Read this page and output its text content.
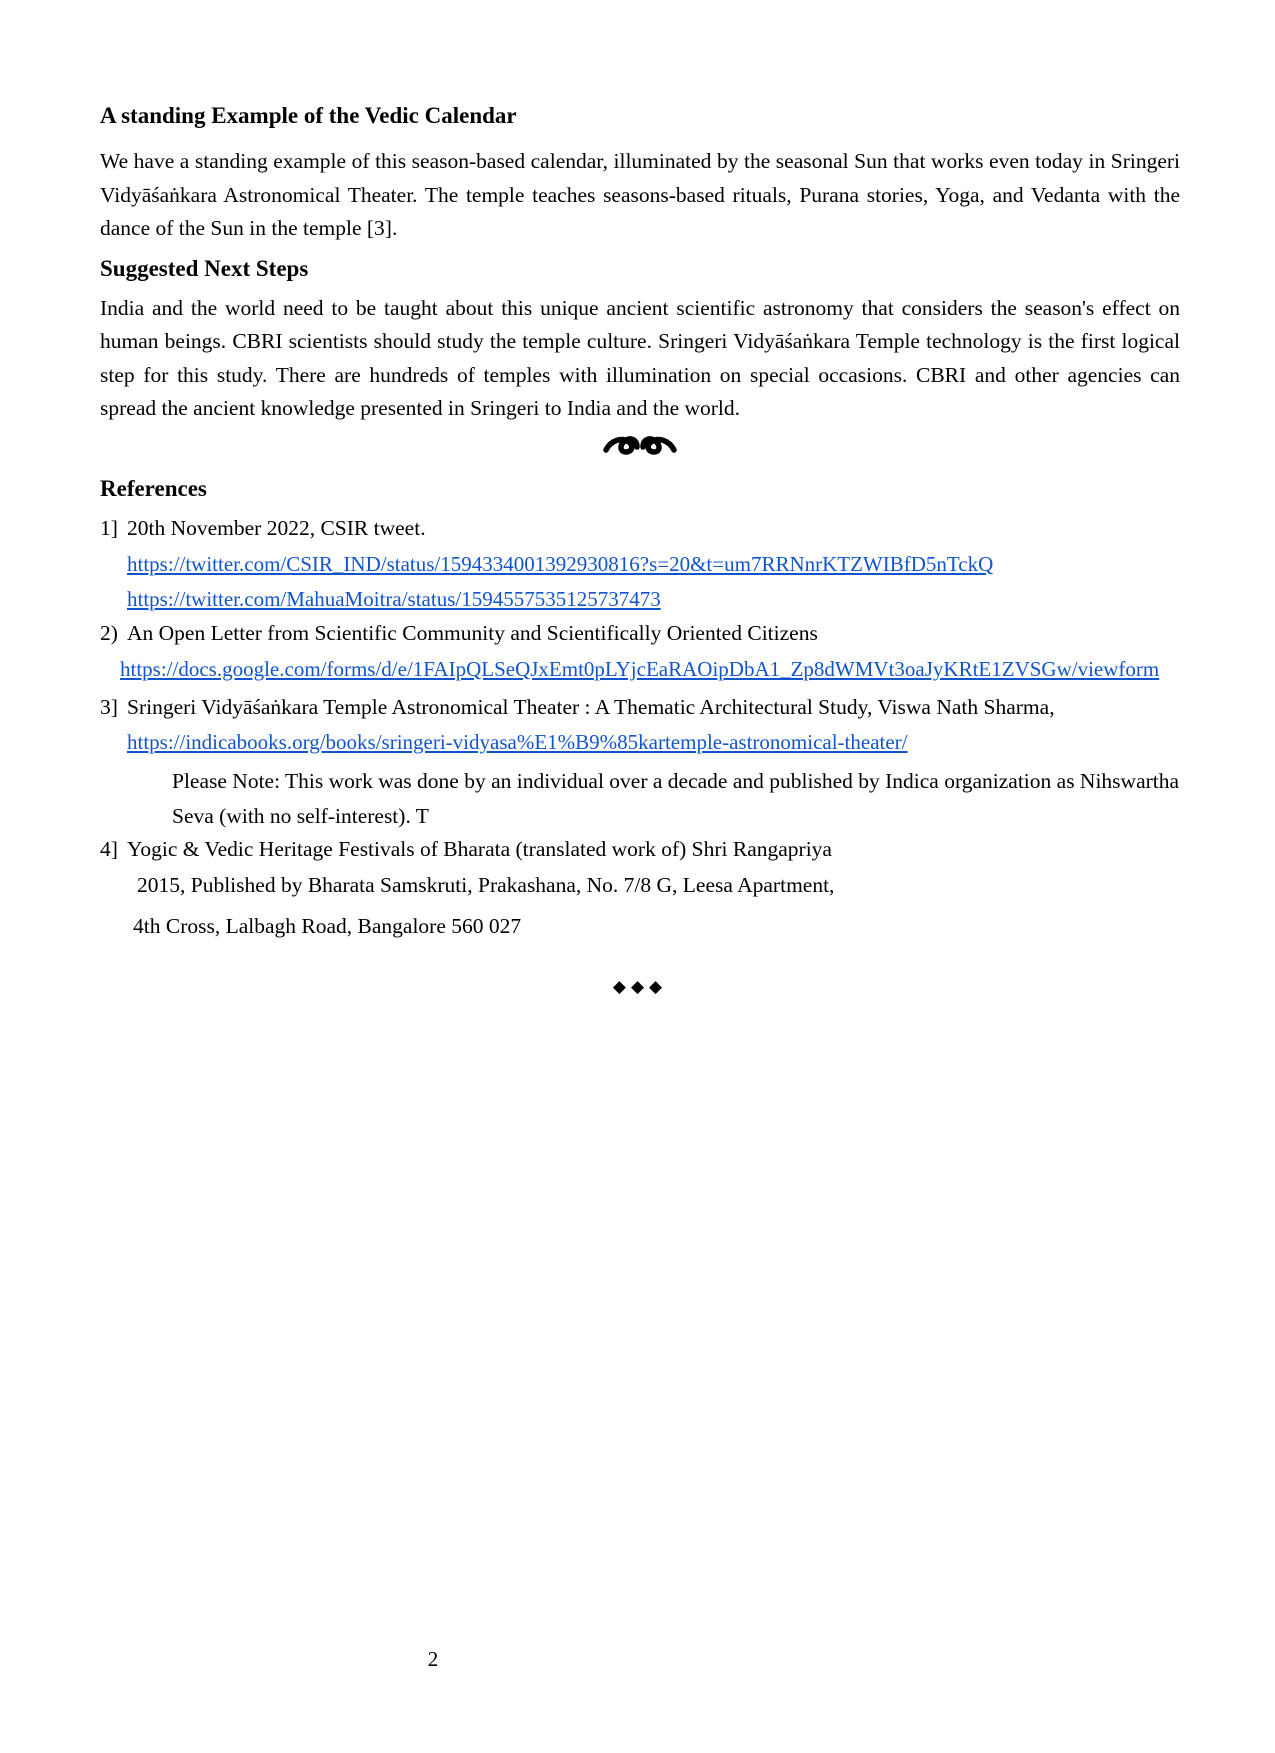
A standing Example of the Vedic Calendar

We have a standing example of this season-based calendar, illuminated by the seasonal Sun that works even today in Sringeri Vidyāśaṅkara Astronomical Theater. The temple teaches seasons-based rituals, Purana stories, Yoga, and Vedanta with the dance of the Sun in the temple [3].

Suggested Next Steps

India and the world need to be taught about this unique ancient scientific astronomy that considers the season's effect on human beings. CBRI scientists should study the temple culture. Sringeri Vidyāśaṅkara Temple technology is the first logical step for this study. There are hundreds of temples with illumination on special occasions. CBRI and other agencies can spread the ancient knowledge presented in Sringeri to India and the world.

References
1] 20th November 2022, CSIR tweet.
https://twitter.com/CSIR_IND/status/1594334001392930816?s=20&t=um7RRNnrKTZWIBfD5nTckQ
https://twitter.com/MahuaMoitra/status/1594557535125737473
2) An Open Letter from Scientific Community and Scientifically Oriented Citizens
https://docs.google.com/forms/d/e/1FAIpQLSeQJxEmt0pLYjcEaRAOipDbA1_Zp8dWMVt3oaJyKRtE1ZVSGw/viewform
3] Sringeri Vidyāśaṅkara Temple Astronomical Theater : A Thematic Architectural Study, Viswa Nath Sharma,
https://indicabooks.org/books/sringeri-vidyasa%E1%B9%85kartemple-astronomical-theater/
Please Note: This work was done by an individual over a decade and published by Indica organization as Nihswartha Seva (with no self-interest). T
4] Yogic & Vedic Heritage Festivals of Bharata (translated work of) Shri Rangapriya
2015, Published by Bharata Samskruti, Prakashana, No. 7/8 G, Leesa Apartment,
4th Cross, Lalbagh Road, Bangalore 560 027
◆◆◆
2
